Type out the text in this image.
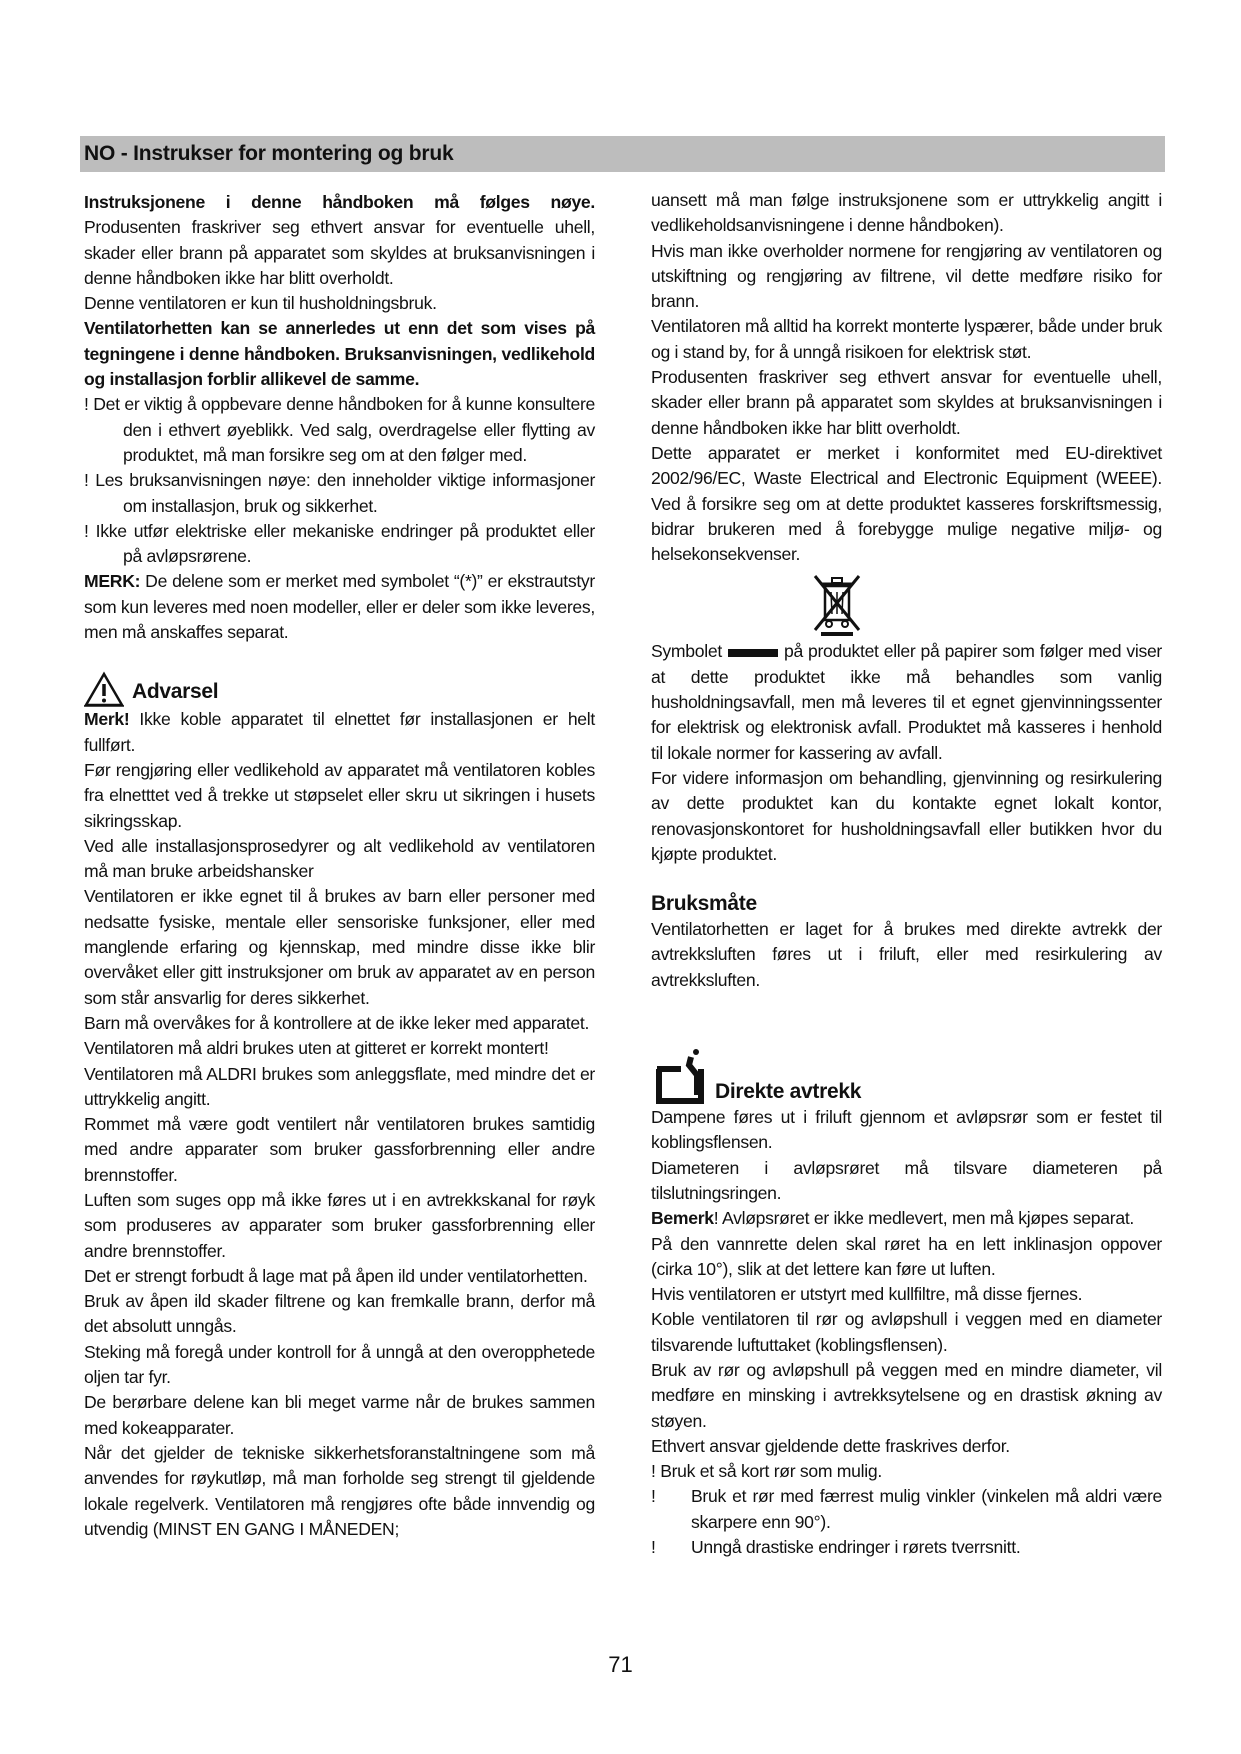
NO - Instrukser for montering og bruk

Instruksjonene i denne håndboken må følges nøye. Produsenten fraskriver seg ethvert ansvar for eventuelle uhell, skader eller brann på apparatet som skyldes at bruksanvisningen i denne håndboken ikke har blitt overholdt.

Denne ventilatoren er kun til husholdningsbruk.

Ventilatorhetten kan se annerledes ut enn det som vises på tegningene i denne håndboken. Bruksanvisningen, vedlikehold og installasjon forblir allikevel de samme.

! Det er viktig å oppbevare denne håndboken for å kunne konsultere den i ethvert øyeblikk. Ved salg, overdragelse eller flytting av produktet, må man forsikre seg om at den følger med.

! Les bruksanvisningen nøye: den inneholder viktige informasjoner om installasjon, bruk og sikkerhet.

! Ikke utfør elektriske eller mekaniske endringer på produktet eller på avløpsrørene.

MERK: De delene som er merket med symbolet “(*)” er ekstrautstyr som kun leveres med noen modeller, eller er deler som ikke leveres, men må anskaffes separat.

Advarsel

Merk! Ikke koble apparatet til elnettet før installasjonen er helt fullført.

Før rengjøring eller vedlikehold av apparatet må ventilatoren kobles fra elnetttet ved å trekke ut støpselet eller skru ut sikringen i husets sikringsskap.

Ved alle installasjonsprosedyrer og alt vedlikehold av ventilatoren må man bruke arbeidshansker

Ventilatoren er ikke egnet til å brukes av barn eller personer med nedsatte fysiske, mentale eller sensoriske funksjoner, eller med manglende erfaring og kjennskap, med mindre disse ikke blir overvåket eller gitt instruksjoner om bruk av apparatet av en person som står ansvarlig for deres sikkerhet.

Barn må overvåkes for å kontrollere at de ikke leker med apparatet.

Ventilatoren må aldri brukes uten at gitteret er korrekt montert!

Ventilatoren må ALDRI brukes som anleggsflate, med mindre det er uttrykkelig angitt.

Rommet må være godt ventilert når ventilatoren brukes samtidig med andre apparater som bruker gassforbrenning eller andre brennstoffer.

Luften som suges opp må ikke føres ut i en avtrekkskanal for røyk som produseres av apparater som bruker gassforbrenning eller andre brennstoffer.

Det er strengt forbudt å lage mat på åpen ild under ventilatorhetten.

Bruk av åpen ild skader filtrene og kan fremkalle brann, derfor må det absolutt unngås.

Steking må foregå under kontroll for å unngå at den overopphetede oljen tar fyr.

De berørbare delene kan bli meget varme når de brukes sammen med kokeapparater.

Når det gjelder de tekniske sikkerhetsforanstaltningene som må anvendes for røykutløp, må man forholde seg strengt til gjeldende lokale regelverk. Ventilatoren må rengjøres ofte både innvendig og utvendig (MINST EN GANG I MÅNEDEN;

uansett må man følge instruksjonene som er uttrykkelig angitt i vedlikeholdsanvisningene i denne håndboken).

Hvis man ikke overholder normene for rengjøring av ventilatoren og utskiftning og rengjøring av filtrene, vil dette medføre risiko for brann.

Ventilatoren må alltid ha korrekt monterte lyspærer, både under bruk og i stand by, for å unngå risikoen for elektrisk støt.

Produsenten fraskriver seg ethvert ansvar for eventuelle uhell, skader eller brann på apparatet som skyldes at bruksanvisningen i denne håndboken ikke har blitt overholdt.

Dette apparatet er merket i konformitet med EU-direktivet 2002/96/EC, Waste Electrical and Electronic Equipment (WEEE). Ved å forsikre seg om at dette produktet kasseres forskriftsmessig, bidrar brukeren med å forebygge mulige negative miljø- og helsekonsekvenser.

Symbolet	på produktet eller på papirer som følger med viser at dette produktet ikke må behandles som vanlig husholdningsavfall, men må leveres til et egnet gjenvinningssenter for elektrisk og elektronisk avfall. Produktet må kasseres i henhold til lokale normer for kassering av avfall.

For videre informasjon om behandling, gjenvinning og resirkulering av dette produktet kan du kontakte egnet lokalt kontor, renovasjonskontoret for husholdningsavfall eller butikken hvor du kjøpte produktet.

Bruksmåte

Ventilatorhetten er laget for å brukes med direkte avtrekk der avtrekksluften føres ut i friluft, eller med resirkulering av avtrekksluften.

Direkte avtrekk

Dampene føres ut i friluft gjennom et avløpsrør som er festet til koblingsflensen.

Diameteren i avløpsrøret må tilsvare diameteren på tilslutningsringen.

Bemerk! Avløpsrøret er ikke medlevert, men må kjøpes separat.

På den vannrette delen skal røret ha en lett inklinasjon oppover (cirka 10°), slik at det lettere kan føre ut luften.

Hvis ventilatoren er utstyrt med kullfiltre, må disse fjernes.

Koble ventilatoren til rør og avløpshull i veggen med en diameter tilsvarende luftuttaket (koblingsflensen).

Bruk av rør og avløpshull på veggen med en mindre diameter, vil medføre en minsking i avtrekksytelsene og en drastisk økning av støyen.

Ethvert ansvar gjeldende dette fraskrives derfor.

! Bruk et så kort rør som mulig.

! Bruk et rør med færrest mulig vinkler (vinkelen må aldri være skarpere enn 90°).

! Unngå drastiske endringer i rørets tverrsnitt.

71
